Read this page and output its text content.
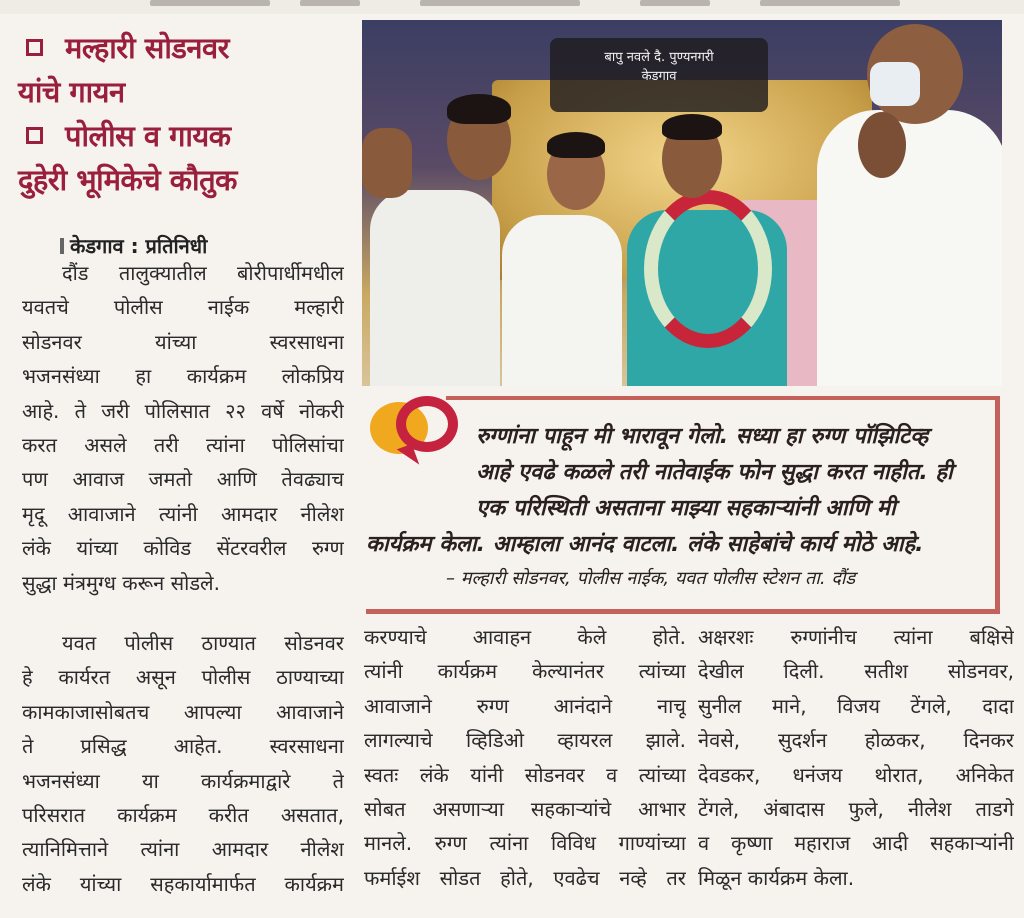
मल्हारी सोडनवर
यांचे गायन
पोलीस व गायक
दुहेरी भूमिकेचे कौतुक
केडगाव : प्रतिनिधी
दौंड तालुक्यातील बोरीपार्धीमधील
यवतचे पोलीस नाईक मल्हारी
सोडनवर यांच्या स्वरसाधना
भजनसंध्या हा कार्यक्रम लोकप्रिय
आहे. ते जरी पोलिसात २२ वर्षे नोकरी
करत असले तरी त्यांना पोलिसांचा
पण आवाज जमतो आणि तेवढ्याच
मृदू आवाजाने त्यांनी आमदार नीलेश
लंके यांच्या कोविड सेंटरवरील रुग्ण
सुद्धा मंत्रमुग्ध करून सोडले.
यवत पोलीस ठाण्यात सोडनवर
हे कार्यरत असून पोलीस ठाण्याच्या
कामकाजासोबतच आपल्या आवाजाने
ते प्रसिद्ध आहेत. स्वरसाधना
भजनसंध्या या कार्यक्रमाद्वारे ते
परिसरात कार्यक्रम करीत असतात,
त्यानिमित्ताने त्यांना आमदार नीलेश
लंके यांच्या सहकार्यामार्फत कार्यक्रम
बापु नवले दै. पुण्यनगरी
केडगाव
रुग्णांना पाहून मी भारावून गेलो. सध्या हा रुग्ण पॉझिटिव्ह
आहे एवढे कळले तरी नातेवाईक फोन सुद्धा करत नाहीत. ही
एक परिस्थिती असताना माझ्या सहकाऱ्यांनी आणि मी
कार्यक्रम केला. आम्हाला आनंद वाटला. लंके साहेबांचे कार्य मोठे आहे.
– मल्हारी सोडनवर, पोलीस नाईक, यवत पोलीस स्टेशन ता. दौंड
करण्याचे आवाहन केले होते.
त्यांनी कार्यक्रम केल्यानंतर त्यांच्या
आवाजाने रुग्ण आनंदाने नाचू
लागल्याचे व्हिडिओ व्हायरल झाले.
स्वतः लंके यांनी सोडनवर व त्यांच्या
सोबत असणाऱ्या सहकाऱ्यांचे आभार
मानले. रुग्ण त्यांना विविध गाण्यांच्या
फर्माईश सोडत होते, एवढेच नव्हे तर
अक्षरशः रुग्णांनीच त्यांना बक्षिसे
देखील दिली. सतीश सोडनवर,
सुनील माने, विजय टेंगले, दादा
नेवसे, सुदर्शन होळकर, दिनकर
देवडकर, धनंजय थोरात, अनिकेत
टेंगले, अंबादास फुले, नीलेश ताडगे
व कृष्णा महाराज आदी सहकाऱ्यांनी
मिळून कार्यक्रम केला.
